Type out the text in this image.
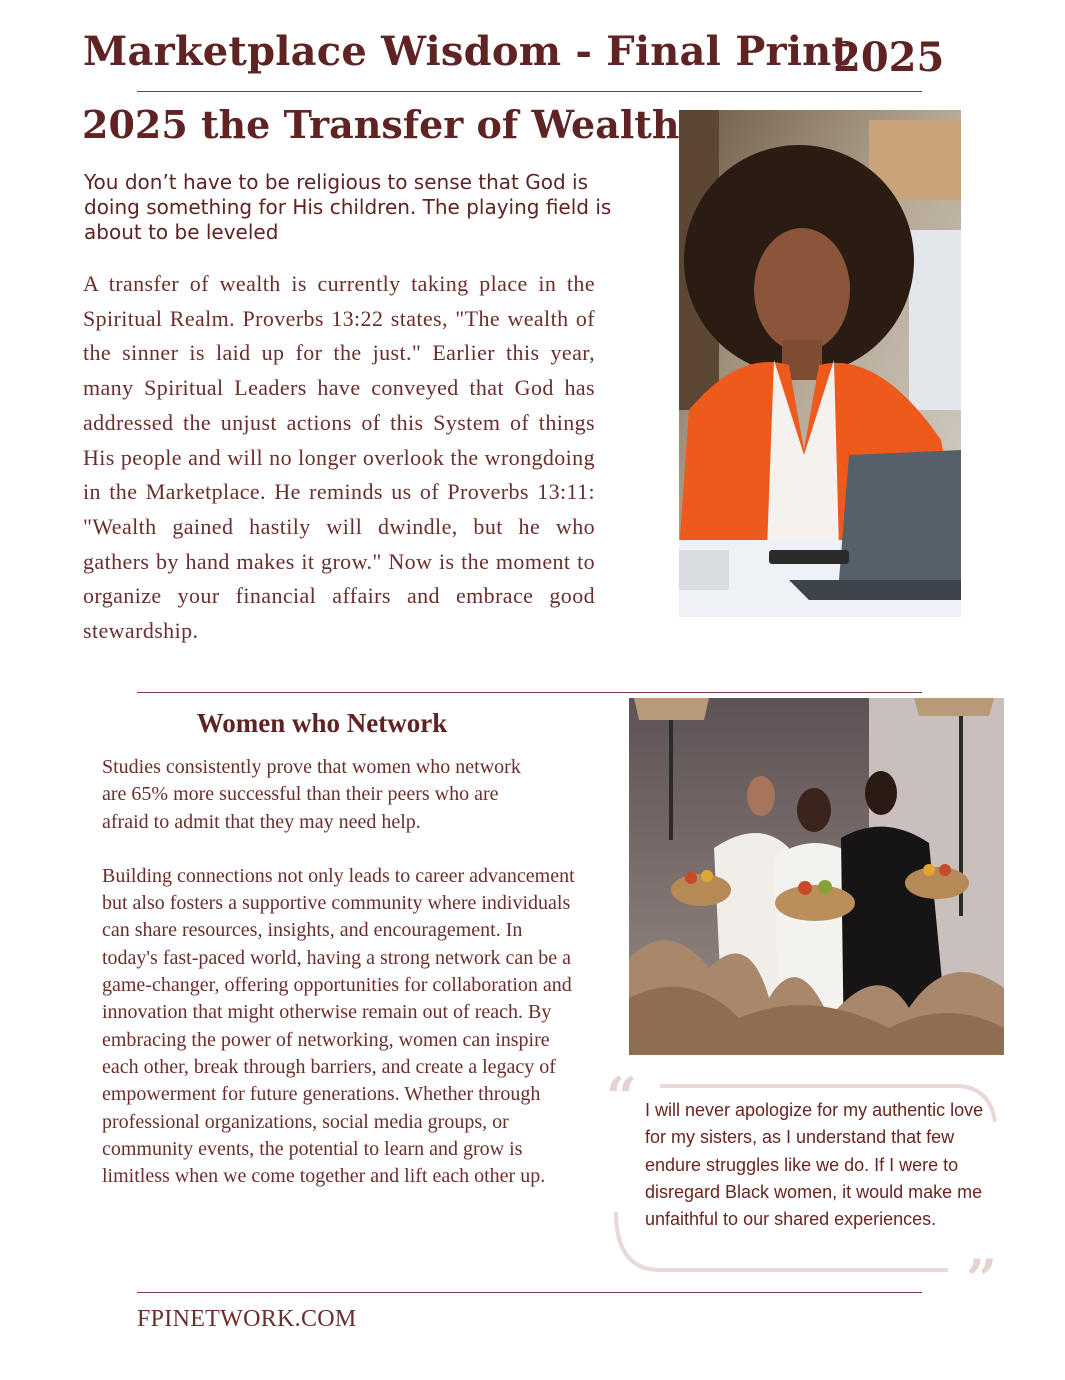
Marketplace Wisdom - Final Print
2025
2025 the Transfer of Wealth
You don’t have to be religious to sense that God is doing something for His children. The playing field is about to be leveled
A transfer of wealth is currently taking place in the Spiritual Realm. Proverbs 13:22 states, "The wealth of the sinner is laid up for the just." Earlier this year, many Spiritual Leaders have conveyed that God has addressed the unjust actions of this System of things His people and will no longer overlook the wrongdoing in the Marketplace. He reminds us of Proverbs 13:11: "Wealth gained hastily will dwindle, but he who gathers by hand makes it grow." Now is the moment to organize your financial affairs and embrace good stewardship.
Women who Network

Studies consistently prove that women who network are 65% more successful than their peers who are afraid to admit that they may need help.

Building connections not only leads to career advancement but also fosters a supportive community where individuals can share resources, insights, and encouragement. In today's fast-paced world, having a strong network can be a game-changer, offering opportunities for collaboration and innovation that might otherwise remain out of reach. By embracing the power of networking, women can inspire each other, break through barriers, and create a legacy of empowerment for future generations. Whether through professional organizations, social media groups, or community events, the potential to learn and grow is limitless when we come together and lift each other up.

“
”
I will never apologize for my authentic love for my sisters, as I understand that few endure struggles like we do. If I were to disregard Black women, it would make me unfaithful to our shared experiences.
FPINETWORK.COM
